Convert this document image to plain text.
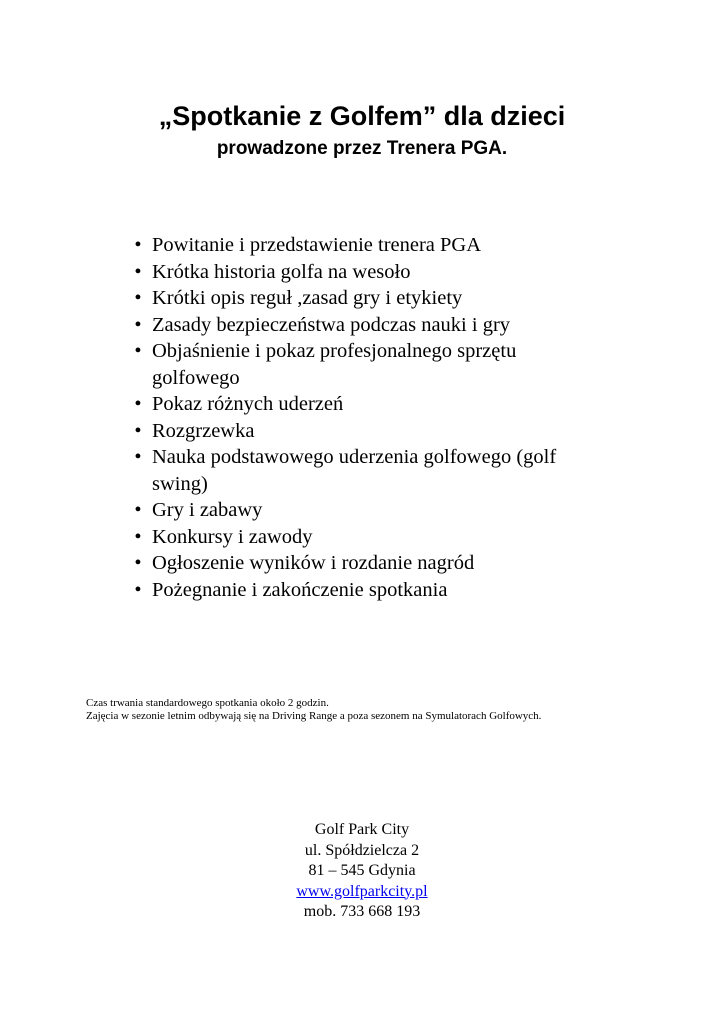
„Spotkanie z Golfem” dla dzieci
prowadzone przez Trenera PGA.
• Powitanie i przedstawienie trenera PGA
• Krótka historia golfa na wesoło
• Krótki opis reguł ,zasad gry i etykiety
• Zasady bezpieczeństwa podczas nauki i gry
• Objaśnienie i pokaz profesjonalnego sprzętu golfowego
• Pokaz różnych uderzeń
• Rozgrzewka
• Nauka podstawowego uderzenia golfowego (golf swing)
• Gry i zabawy
• Konkursy i zawody
• Ogłoszenie wyników i rozdanie nagród
• Pożegnanie i zakończenie spotkania

Czas trwania standardowego spotkania około 2 godzin.

Zajęcia w sezonie letnim odbywają się na Driving Range a poza sezonem na Symulatorach Golfowych.

Golf Park City
ul. Spółdzielcza 2
81 – 545 Gdynia
www.golfparkcity.pl
mob. 733 668 193
